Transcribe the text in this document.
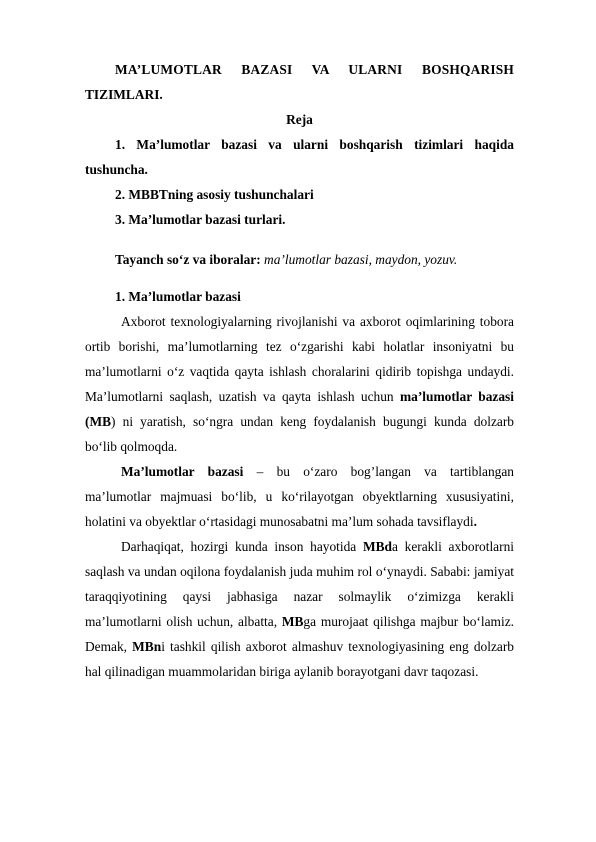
MA’LUMOTLAR BAZASI VA ULARNI BOSHQARISH
TIZIMLARI.
Reja
1. Ma’lumotlar bazasi va ularni boshqarish tizimlari haqida
tushuncha.
2. MBBTning asosiy tushunchalari
3. Ma’lumotlar bazasi turlari.
Tayanch so‘z va iboralar: ma’lumotlar bazasi, maydon, yozuv.
1. Ma’lumotlar bazasi

Axborot texnologiyalarning rivojlanishi va axborot oqimlarining tobora ortib borishi, ma’lumotlarning tez o‘zgarishi kabi holatlar insoniyatni bu ma’lumotlarni o‘z vaqtida qayta ishlash choralarini qidirib topishga undaydi. Ma’lumotlarni saqlash, uzatish va qayta ishlash uchun ma’lumotlar bazasi (MB) ni yaratish, so‘ngra undan keng foydalanish bugungi kunda dolzarb bo‘lib qolmoqda.

Ma’lumotlar bazasi – bu o‘zaro bog’langan va tartiblangan ma’lumotlar majmuasi bo‘lib, u ko‘rilayotgan obyektlarning xususiyatini, holatini va obyektlar o‘rtasidagi munosabatni ma’lum sohada tavsiflaydi.

Darhaqiqat, hozirgi kunda inson hayotida MBda kerakli axborotlarni saqlash va undan oqilona foydalanish juda muhim rol o‘ynaydi. Sababi: jamiyat taraqqiyotining qaysi jabhasiga nazar solmaylik o‘zimizga kerakli ma’lumotlarni olish uchun, albatta, MBga murojaat qilishga majbur bo‘lamiz. Demak, MBni tashkil qilish axborot almashuv texnologiyasining eng dolzarb hal qilinadigan muammolaridan biriga aylanib borayotgani davr taqozasi.
